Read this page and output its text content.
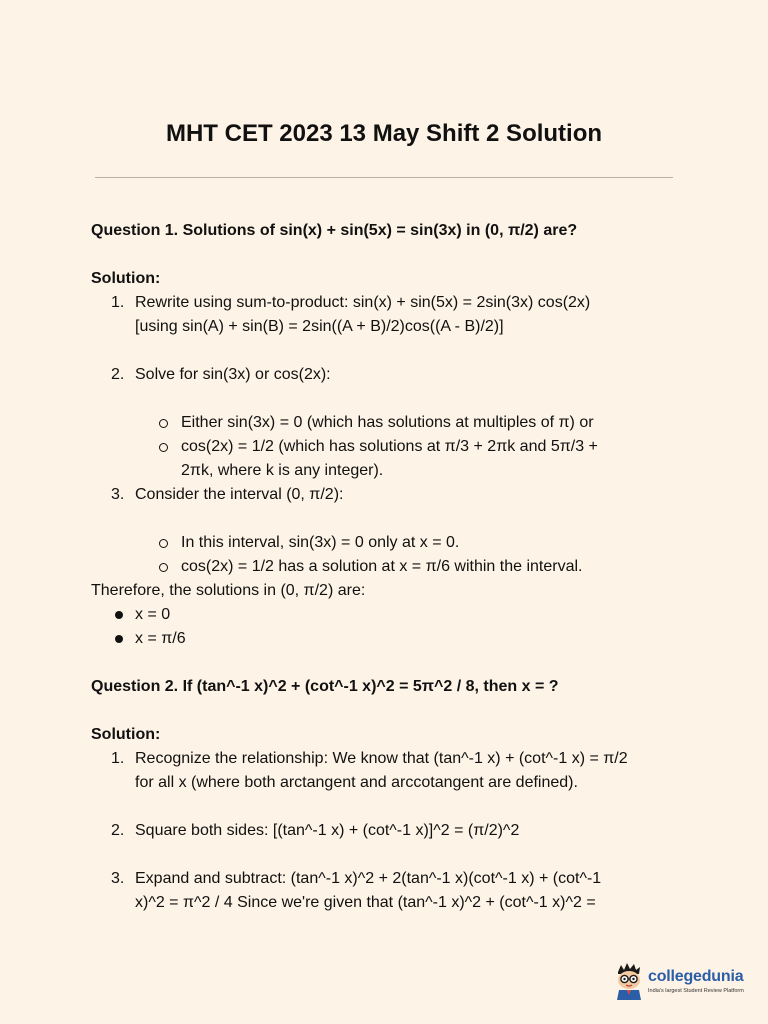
MHT CET 2023 13 May Shift 2 Solution
Question 1. Solutions of sin(x) + sin(5x) = sin(3x) in (0, π/2) are?
Solution:
1. Rewrite using sum-to-product: sin(x) + sin(5x) = 2sin(3x) cos(2x)
[using sin(A) + sin(B) = 2sin((A + B)/2)cos((A - B)/2)]
2. Solve for sin(3x) or cos(2x):
Either sin(3x) = 0 (which has solutions at multiples of π) or
cos(2x) = 1/2 (which has solutions at π/3 + 2πk and 5π/3 +
2πk, where k is any integer).
3. Consider the interval (0, π/2):
In this interval, sin(3x) = 0 only at x = 0.
cos(2x) = 1/2 has a solution at x = π/6 within the interval.
Therefore, the solutions in (0, π/2) are:
x = 0
x = π/6
Question 2. If (tan^-1 x)^2 + (cot^-1 x)^2 = 5π^2 / 8, then x = ?
Solution:
1. Recognize the relationship: We know that (tan^-1 x) + (cot^-1 x) = π/2
for all x (where both arctangent and arccotangent are defined).
2. Square both sides: [(tan^-1 x) + (cot^-1 x)]^2 = (π/2)^2
3. Expand and subtract: (tan^-1 x)^2 + 2(tan^-1 x)(cot^-1 x) + (cot^-1
x)^2 = π^2 / 4 Since we're given that (tan^-1 x)^2 + (cot^-1 x)^2 =
collegedunia
India's largest Student Review Platform
